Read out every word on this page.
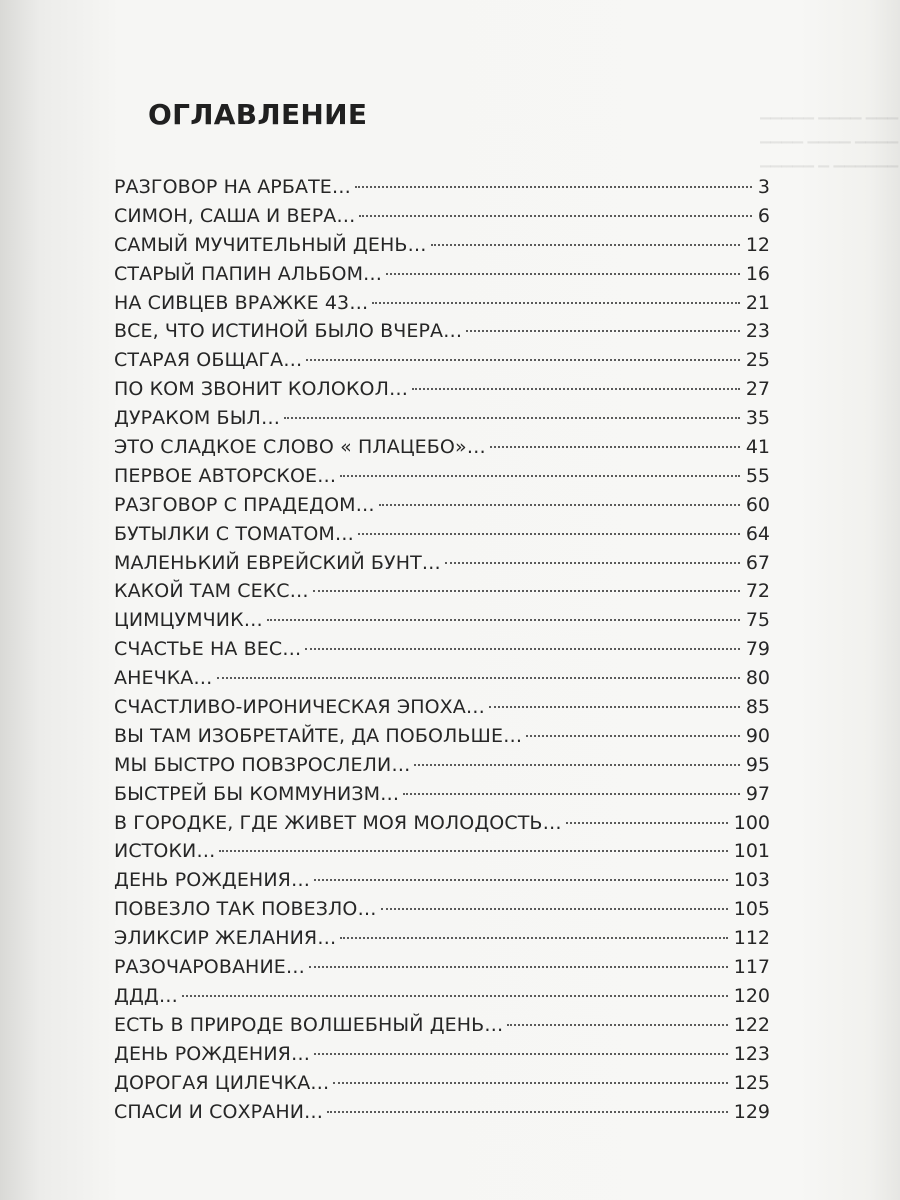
▁▁▁▁▁ ▁▁▁▁ ▁▁▁
▁▁▁▁ ▁▁▁▁ ▁▁▁▁
▁▁▁▁▁ ▁ ▁▁▁▁▁▁
ОГЛАВЛЕНИЕ
РАЗГОВОР НА АРБАТЕ…	3
СИМОН, САША И ВЕРА…	6
САМЫЙ МУЧИТЕЛЬНЫЙ ДЕНЬ…	12
СТАРЫЙ ПАПИН АЛЬБОМ…	16
НА СИВЦЕВ ВРАЖКЕ 43…	21
ВСЕ, ЧТО ИСТИНОЙ БЫЛО ВЧЕРА…	23
СТАРАЯ ОБЩАГА…	25
ПО КОМ ЗВОНИТ КОЛОКОЛ…	27
ДУРАКОМ БЫЛ…	35
ЭТО СЛАДКОЕ СЛОВО « ПЛАЦЕБО»…	41
ПЕРВОЕ АВТОРСКОЕ…	55
РАЗГОВОР С ПРАДЕДОМ…	60
БУТЫЛКИ С ТОМАТОМ…	64
МАЛЕНЬКИЙ ЕВРЕЙСКИЙ БУНТ…	67
КАКОЙ ТАМ СЕКС…	72
ЦИМЦУМЧИК…	75
СЧАСТЬЕ НА ВЕС…	79
АНЕЧКА…	80
СЧАСТЛИВО-ИРОНИЧЕСКАЯ ЭПОХА…	85
ВЫ ТАМ ИЗОБРЕТАЙТЕ, ДА ПОБОЛЬШЕ…	90
МЫ БЫСТРО ПОВЗРОСЛЕЛИ…	95
БЫСТРЕЙ БЫ КОММУНИЗМ…	97
В ГОРОДКЕ, ГДЕ ЖИВЕТ МОЯ МОЛОДОСТЬ…	100
ИСТОКИ…	101
ДЕНЬ РОЖДЕНИЯ…	103
ПОВЕЗЛО ТАК ПОВЕЗЛО…	105
ЭЛИКСИР ЖЕЛАНИЯ…	112
РАЗОЧАРОВАНИЕ…	117
ДДД…	120
ЕСТЬ В ПРИРОДЕ ВОЛШЕБНЫЙ ДЕНЬ…	122
ДЕНЬ РОЖДЕНИЯ…	123
ДОРОГАЯ ЦИЛЕЧКА…	125
СПАСИ И СОХРАНИ…	129
